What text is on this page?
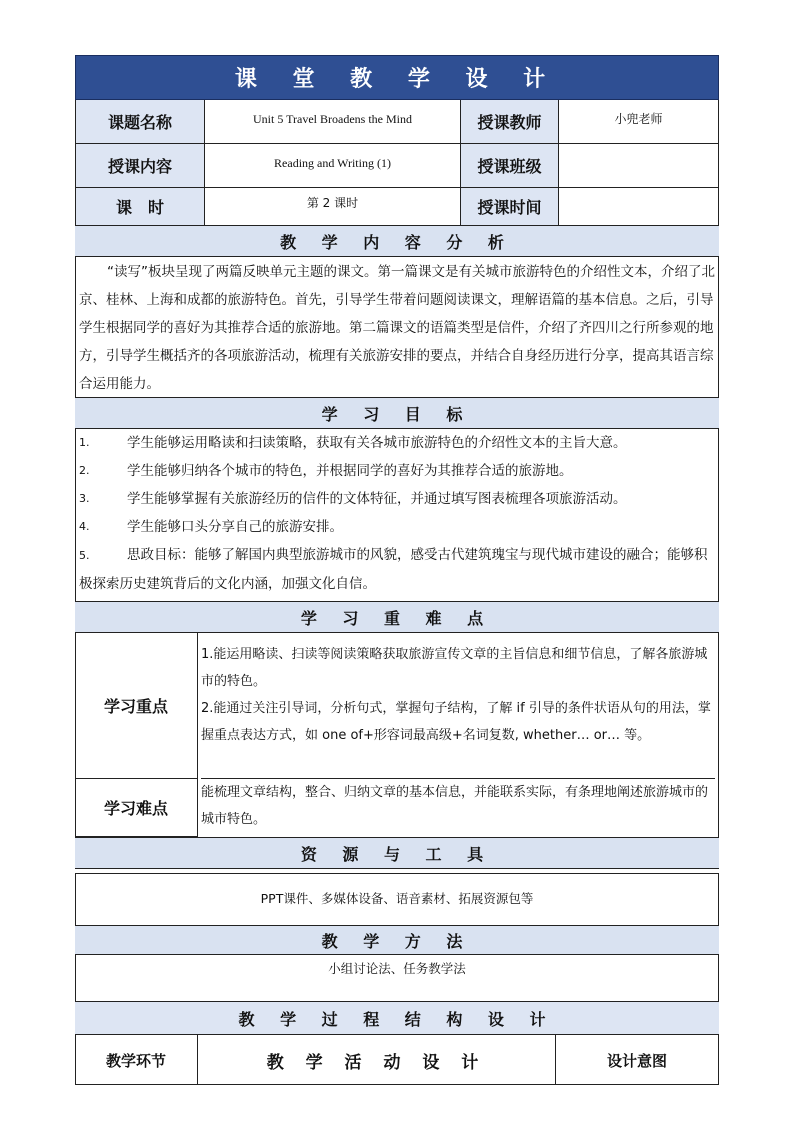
课 堂 教 学 设 计
课题名称	Unit 5 Travel Broadens the Mind	授课教师	小兜老师
授课内容	Reading and Writing (1)	授课班级
课　时	第 2 课时	授课时间
教 学 内 容 分 析
“读写”板块呈现了两篇反映单元主题的课文。第一篇课文是有关城市旅游特色的介绍性文本，介绍了北京、桂林、上海和成都的旅游特色。首先，引导学生带着问题阅读课文，理解语篇的基本信息。之后，引导学生根据同学的喜好为其推荐合适的旅游地。第二篇课文的语篇类型是信件，介绍了齐四川之行所参观的地方，引导学生概括齐的各项旅游活动，梳理有关旅游安排的要点，并结合自身经历进行分享，提高其语言综合运用能力。
学 习 目 标
1.	学生能够运用略读和扫读策略，获取有关各城市旅游特色的介绍性文本的主旨大意。
2.	学生能够归纳各个城市的特色，并根据同学的喜好为其推荐合适的旅游地。
3.	学生能够掌握有关旅游经历的信件的文体特征，并通过填写图表梳理各项旅游活动。
4.	学生能够口头分享自己的旅游安排。
5.	思政目标：能够了解国内典型旅游城市的风貌，感受古代建筑瑰宝与现代城市建设的融合；能够积极探索历史建筑背后的文化内涵，加强文化自信。
学 习 重 难 点
学习重点
1.能运用略读、扫读等阅读策略获取旅游宣传文章的主旨信息和细节信息，了解各旅游城市的特色。
2.能通过关注引导词，分析句式，掌握句子结构，了解 if 引导的条件状语从句的用法，掌握重点表达方式，如 one of+形容词最高级+名词复数, whether… or… 等。
学习难点
能梳理文章结构，整合、归纳文章的基本信息，并能联系实际，有条理地阐述旅游城市的城市特色。
资 源 与 工 具
PPT课件、多媒体设备、语音素材、拓展资源包等
教 学 方 法
小组讨论法、任务教学法
教 学 过 程 结 构 设 计
教学环节	教 学 活 动 设 计	设计意图
